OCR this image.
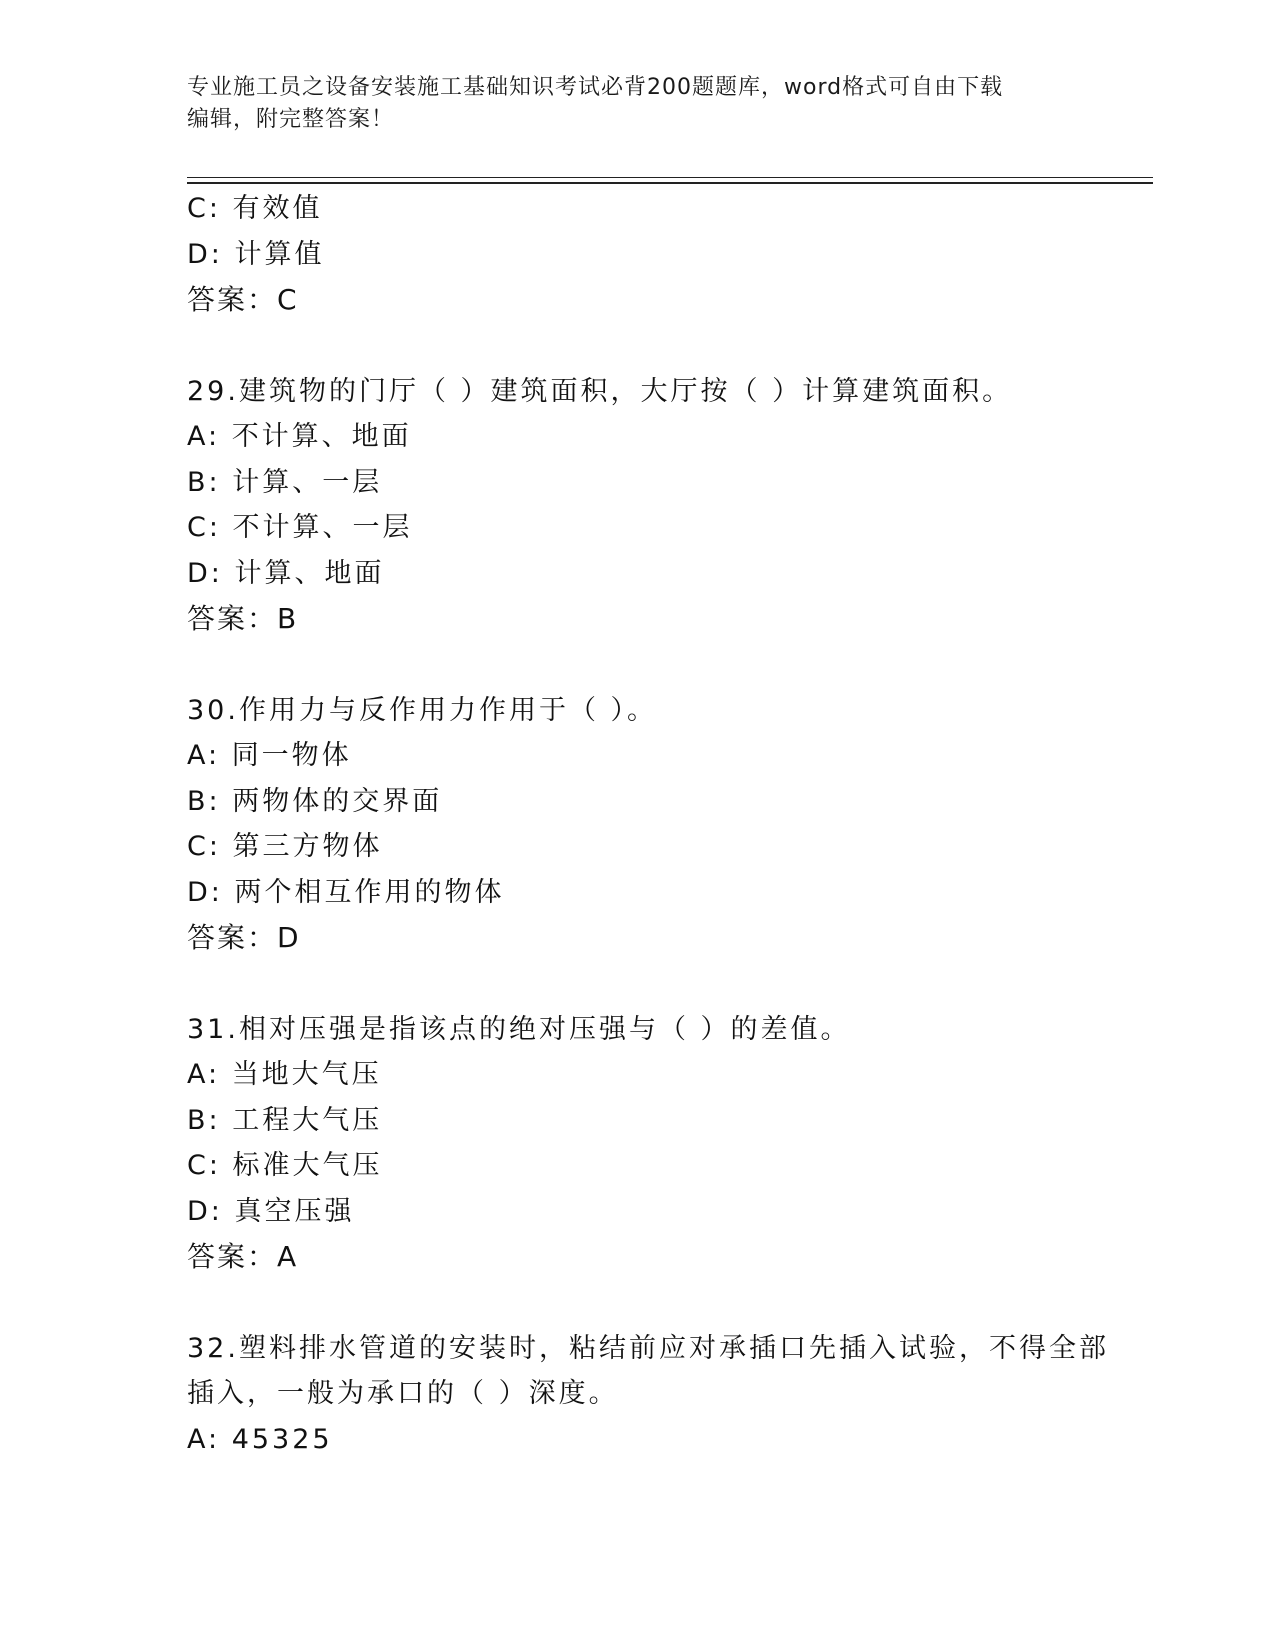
专业施工员之设备安装施工基础知识考试必背200题题库，word格式可自由下载
编辑，附完整答案！
C: 有效值
D: 计算值
答案：C
29.建筑物的门厅（ ）建筑面积，大厅按（ ）计算建筑面积。
A: 不计算、地面
B: 计算、一层
C: 不计算、一层
D: 计算、地面
答案：B
30.作用力与反作用力作用于（ ）。
A: 同一物体
B: 两物体的交界面
C: 第三方物体
D: 两个相互作用的物体
答案：D
31.相对压强是指该点的绝对压强与（ ）的差值。
A: 当地大气压
B: 工程大气压
C: 标准大气压
D: 真空压强
答案：A
32.塑料排水管道的安装时，粘结前应对承插口先插入试验，不得全部
插入，一般为承口的（ ）深度。
A: 45325
